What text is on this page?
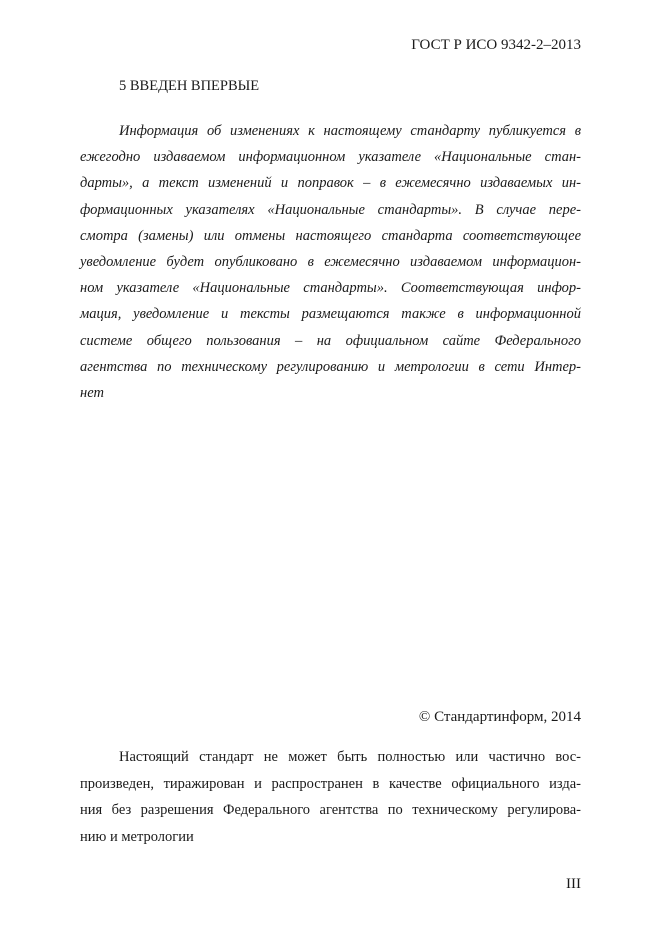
ГОСТ Р ИСО 9342-2–2013
5 ВВЕДЕН ВПЕРВЫЕ
Информация об изменениях к настоящему стандарту публикуется в
ежегодно издаваемом информационном указателе «Национальные стан-
дарты», а текст изменений и поправок – в ежемесячно издаваемых ин-
формационных указателях «Национальные стандарты». В случае пере-
смотра (замены) или отмены настоящего стандарта соответствующее
уведомление будет опубликовано в ежемесячно издаваемом информацион-
ном указателе «Национальные стандарты». Соответствующая инфор-
мация, уведомление и тексты размещаются также в информационной
системе общего пользования – на официальном сайте Федерального
агентства по техническому регулированию и метрологии в сети Интер-
нет
© Стандартинформ, 2014
Настоящий стандарт не может быть полностью или частично вос-
произведен, тиражирован и распространен в качестве официального изда-
ния без разрешения Федерального агентства по техническому регулирова-
нию и метрологии
III
